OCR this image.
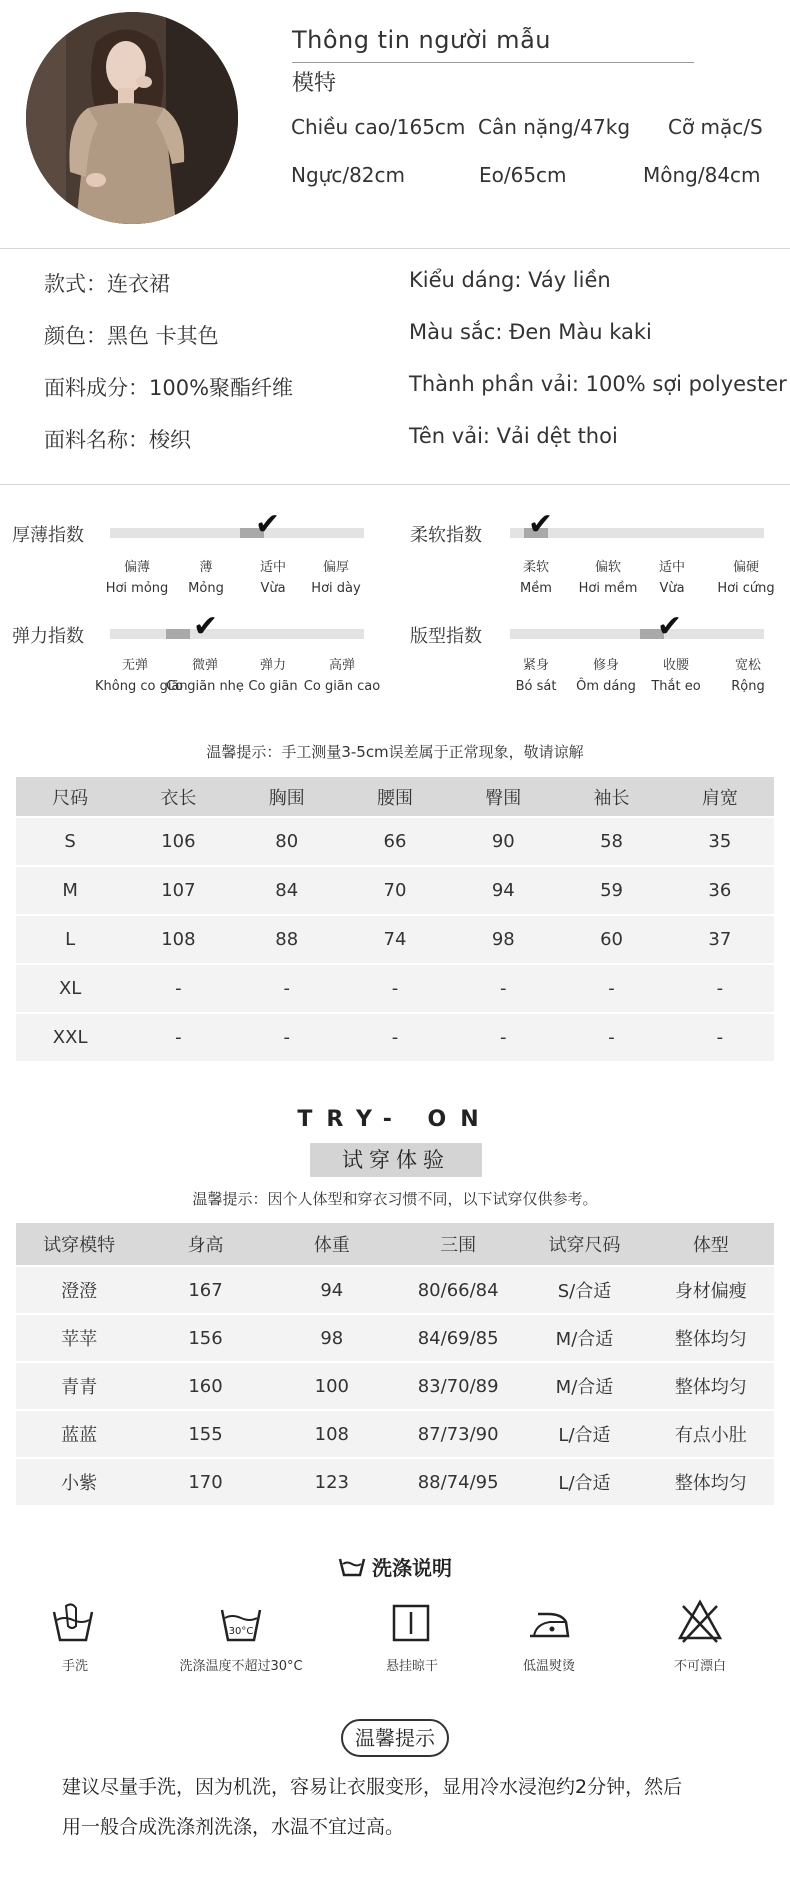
Thông tin người mẫu
模特
Chiều cao/165cm Cân nặng/47kg Cỡ mặc/S
Ngực/82cm	Eo/65cm	Mông/84cm
款式：连衣裙	Kiểu dáng: Váy liền
颜色：黑色 卡其色	Màu sắc: Đen Màu kaki
面料成分：100%聚酯纤维	Thành phần vải: 100% sợi polyester
面料名称：梭织	Tên vải: Vải dệt thoi
厚薄指数	✔
偏薄
Hơi mỏng
薄
Mỏng
适中
Vừa
偏厚
Hơi dày
柔软指数 ✔
柔软
Mềm
偏软
Hơi mềm
适中
Vừa
偏硬
Hơi cứng
弹力指数	✔
无弹
Không co giãn
微弹
Co giãn nhẹ
弹力
Co giãn
高弹
Co giãn cao
版型指数	✔
紧身
Bó sát
修身
Ôm dáng
收腰
Thắt eo
宽松
Rộng
温馨提示：手工测量3-5cm误差属于正常现象，敬请谅解
尺码	衣长	胸围	腰围	臀围	袖长	肩宽
S	106	80	66	90	58	35
M	107	84	70	94	59	36
L	108	88	74	98	60	37
XL	-	-	-	-	-	-
XXL	-	-	-	-	-	-
TRY- ON
试穿体验
温馨提示：因个人体型和穿衣习惯不同，以下试穿仅供参考。
试穿模特	身高	体重	三围	试穿尺码	体型
澄澄	167	94	80/66/84	S/合适	身材偏瘦
苹苹	156	98	84/69/85	M/合适	整体均匀
青青	160	100	83/70/89	M/合适	整体均匀
蓝蓝	155	108	87/73/90	L/合适	有点小肚
小紫	170	123	88/74/95	L/合适	整体均匀
洗涤说明
手洗
30°C
洗涤温度不超过30°C	悬挂晾干	低温熨烫	不可漂白
温馨提示
建议尽量手洗，因为机洗，容易让衣服变形，显用冷水浸泡约2分钟，然后
用一般合成洗涤剂洗涤，水温不宜过高。
